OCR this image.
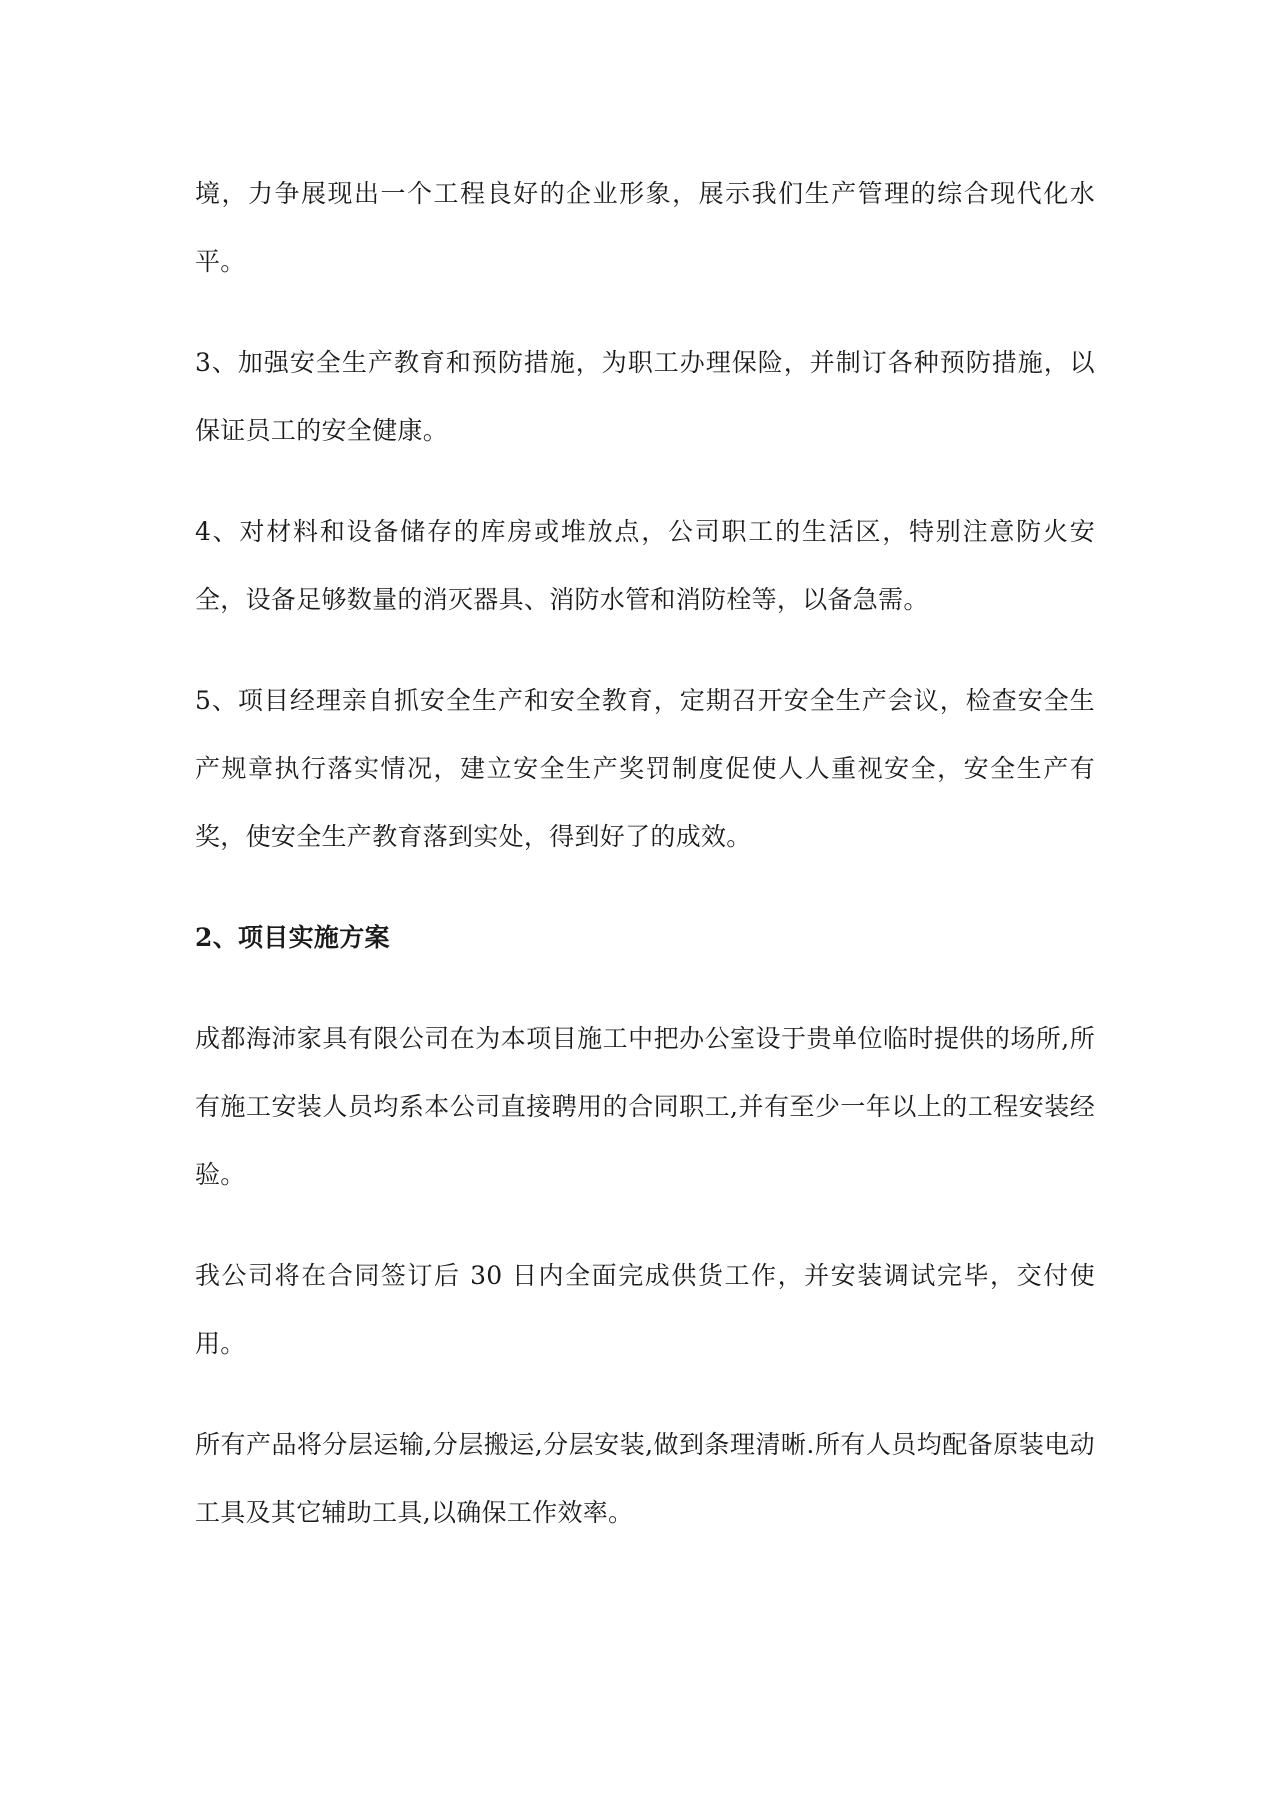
境，力争展现出一个工程良好的企业形象，展示我们生产管理的综合现代化水平。

3、加强安全生产教育和预防措施，为职工办理保险，并制订各种预防措施，以保证员工的安全健康。

4、对材料和设备储存的库房或堆放点，公司职工的生活区，特别注意防火安全，设备足够数量的消灭器具、消防水管和消防栓等，以备急需。

5、项目经理亲自抓安全生产和安全教育，定期召开安全生产会议，检查安全生产规章执行落实情况，建立安全生产奖罚制度促使人人重视安全，安全生产有奖，使安全生产教育落到实处，得到好了的成效。

2、项目实施方案

成都海沛家具有限公司在为本项目施工中把办公室设于贵单位临时提供的场所,所有施工安装人员均系本公司直接聘用的合同职工,并有至少一年以上的工程安装经验。

我公司将在合同签订后 30 日内全面完成供货工作，并安装调试完毕，交付使用。

所有产品将分层运输,分层搬运,分层安装,做到条理清晰.所有人员均配备原装电动工具及其它辅助工具,以确保工作效率。
